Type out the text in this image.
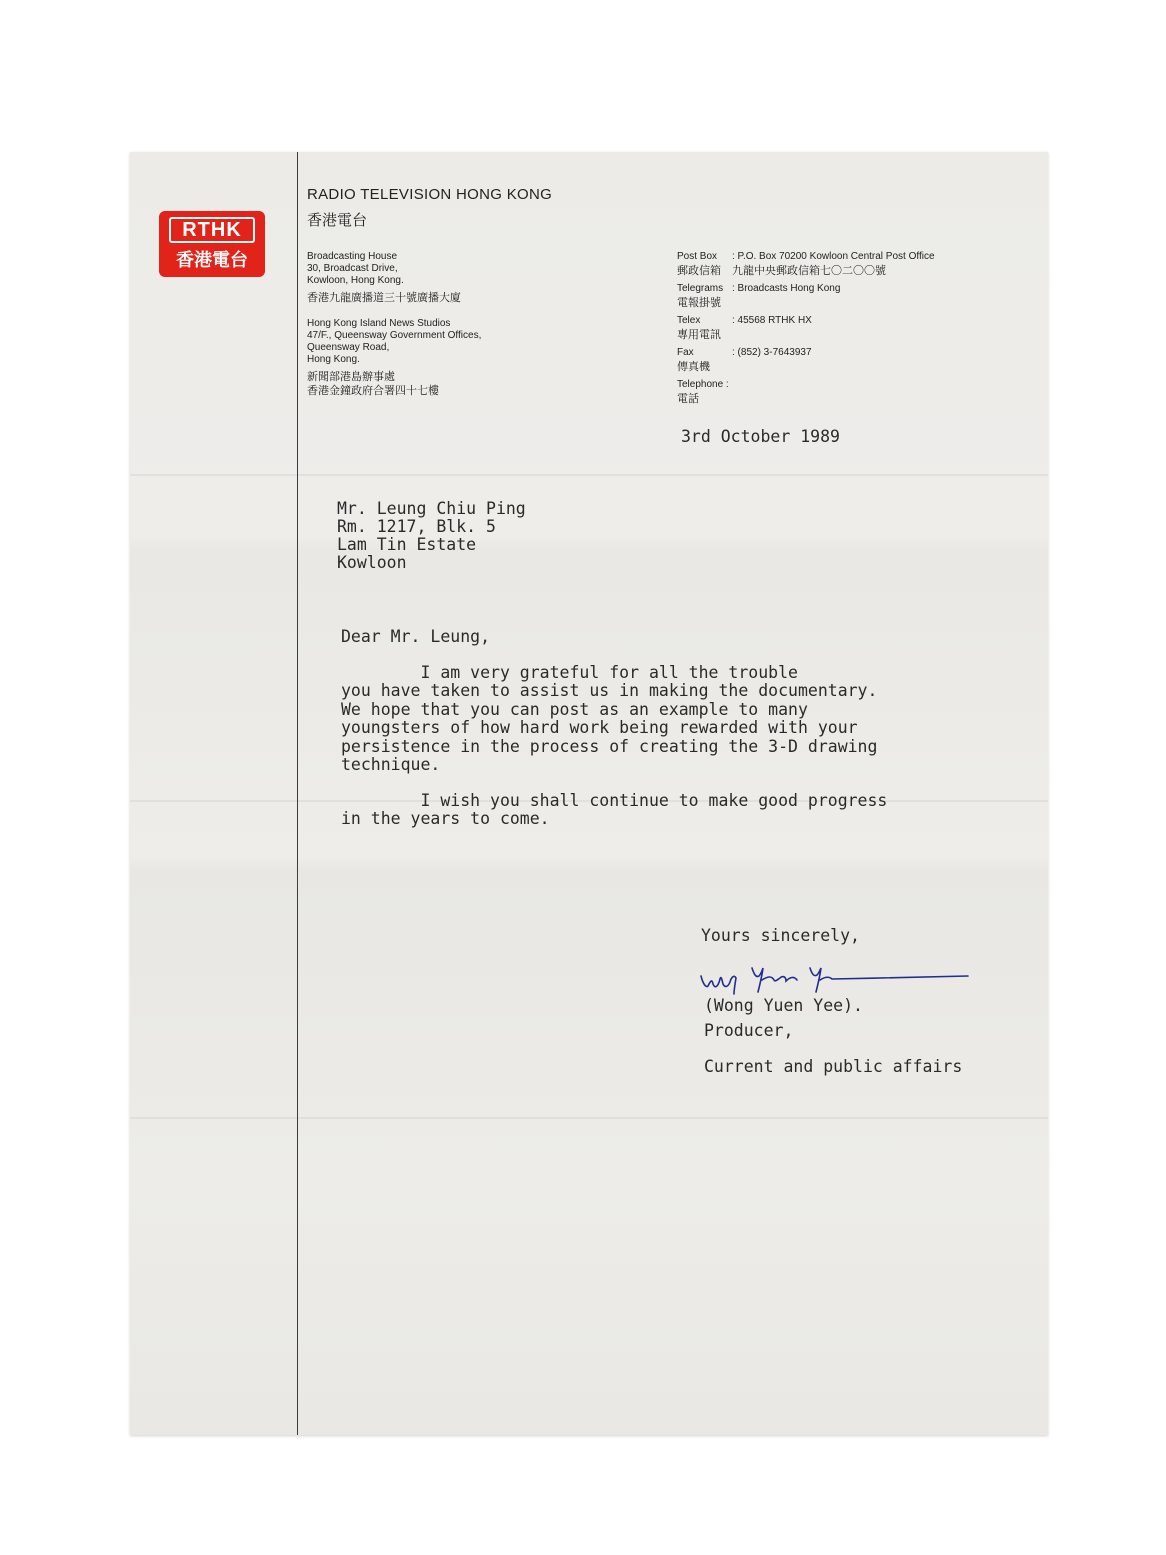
RTHK
香港電台
RADIO TELEVISION HONG KONG
香港電台
Broadcasting House
30, Broadcast Drive,
Kowloon, Hong Kong.
香港九龍廣播道三十號廣播大廈
Hong Kong Island News Studios
47/F., Queensway Government Offices,
Queensway Road,
Hong Kong.
新聞部港島辦事處
香港金鐘政府合署四十七樓
Post Box : P.O. Box 70200 Kowloon Central Post Office
郵政信箱 九龍中央郵政信箱七〇二〇〇號
Telegrams : Broadcasts Hong Kong
電報掛號
Telex	: 45568 RTHK HX
專用電訊
Fax	: (852) 3-7643937
傳真機
Telephone :
電話
3rd October 1989
Mr. Leung Chiu Ping
Rm. 1217, Blk. 5
Lam Tin Estate
Kowloon
Dear Mr. Leung,
I am very grateful for all the trouble
you have taken to assist us in making the documentary.
We hope that you can post as an example to many
youngsters of how hard work being rewarded with your
persistence in the process of creating the 3-D drawing
technique.
I wish you shall continue to make good progress
in the years to come.
Yours sincerely,
(Wong Yuen Yee).
Producer,
Current and public affairs
